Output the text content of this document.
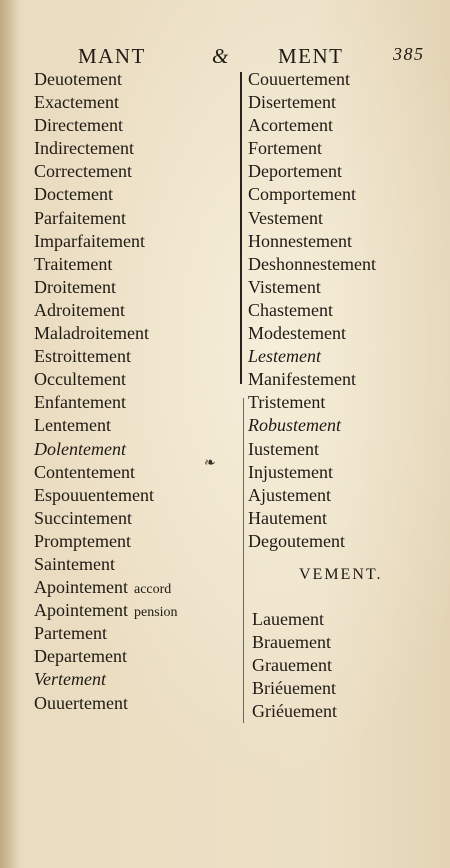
MANT	& MENT	385
Deuotement
Exactement
Directement
Indirectement
Correctement
Doctement
Parfaitement
Imparfaitement
Traitement
Droitement
Adroitement
Maladroitement
Estroittement
Occultement
Enfantement
Lentement
Dolentement
Contentement
Espouuentement
Succintement
Promptement
Saintement
Apointement accord
Apointement pension
Partement
Departement
Vertement
Ouuertement
Couuertement
Disertement
Acortement
Fortement
Deportement
Comportement
Vestement
Honnestement
Deshonnestement
Vistement
Chastement
Modestement
Lestement
Manifestement
Tristement
Robustement
Iustement
Injustement
Ajustement
Hautement
Degoutement
VEMENT.
Lauement
Brauement
Grauement
Briéuement
Griéuement
❧
